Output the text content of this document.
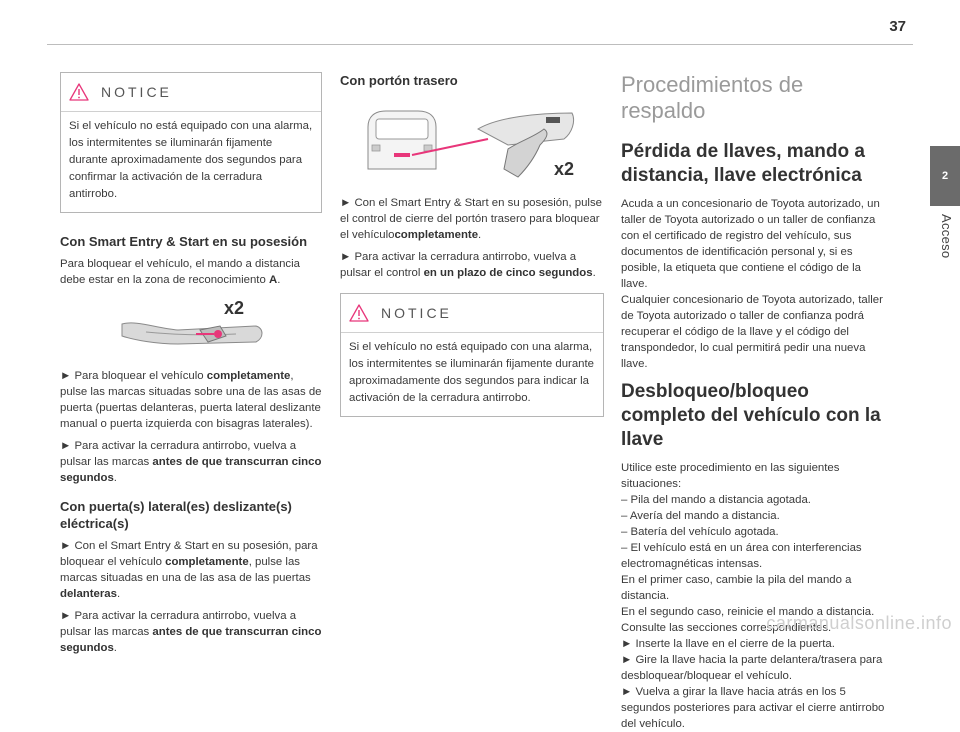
37
2
Acceso
NOTICE

Si el vehículo no está equipado con una alarma, los intermitentes se iluminarán fijamente durante aproximadamente dos segundos para confirmar la activación de la cerradura antirrobo.

Con Smart Entry & Start en su posesión

Para bloquear el vehículo, el mando a distancia debe estar en la zona de reconocimiento A.

x2

► Para bloquear el vehículo completamente, pulse las marcas situadas sobre una de las asas de puerta (puertas delanteras, puerta lateral deslizante manual o puerta izquierda con bisagras laterales).

► Para activar la cerradura antirrobo, vuelva a pulsar las marcas antes de que transcurran cinco segundos.

Con puerta(s) lateral(es) deslizante(s) eléctrica(s)

► Con el Smart Entry & Start en su posesión, para bloquear el vehículo completamente, pulse las marcas situadas en una de las asa de las puertas delanteras.

► Para activar la cerradura antirrobo, vuelva a pulsar las marcas antes de que transcurran cinco segundos.

Con portón trasero
x2

► Con el Smart Entry & Start en su posesión, pulse el control de cierre del portón trasero para bloquear el vehículocompletamente.

► Para activar la cerradura antirrobo, vuelva a pulsar el control en un plazo de cinco segundos.

NOTICE

Si el vehículo no está equipado con una alarma, los intermitentes se iluminarán fijamente durante aproximadamente dos segundos para indicar la activación de la cerradura antirrobo.

Procedimientos de respaldo
Pérdida de llaves, mando a distancia, llave electrónica

Acuda a un concesionario de Toyota autorizado, un taller de Toyota autorizado o un taller de confianza con el certificado de registro del vehículo, sus documentos de identificación personal y, si es posible, la etiqueta que contiene el código de la llave.

Cualquier concesionario de Toyota autorizado, taller de Toyota autorizado o taller de confianza podrá recuperar el código de la llave y el código del transpondedor, lo cual permitirá pedir una nueva llave.

Desbloqueo/bloqueo completo del vehículo con la llave

Utilice este procedimiento en las siguientes situaciones:

– Pila del mando a distancia agotada.

– Avería del mando a distancia.

– Batería del vehículo agotada.

– El vehículo está en un área con interferencias electromagnéticas intensas.

En el primer caso, cambie la pila del mando a distancia.

En el segundo caso, reinicie el mando a distancia.

Consulte las secciones correspondientes.

► Inserte la llave en el cierre de la puerta.

► Gire la llave hacia la parte delantera/trasera para desbloquear/bloquear el vehículo.

► Vuelva a girar la llave hacia atrás en los 5 segundos posteriores para activar el cierre antirrobo del vehículo.

carmanualsonline.info
